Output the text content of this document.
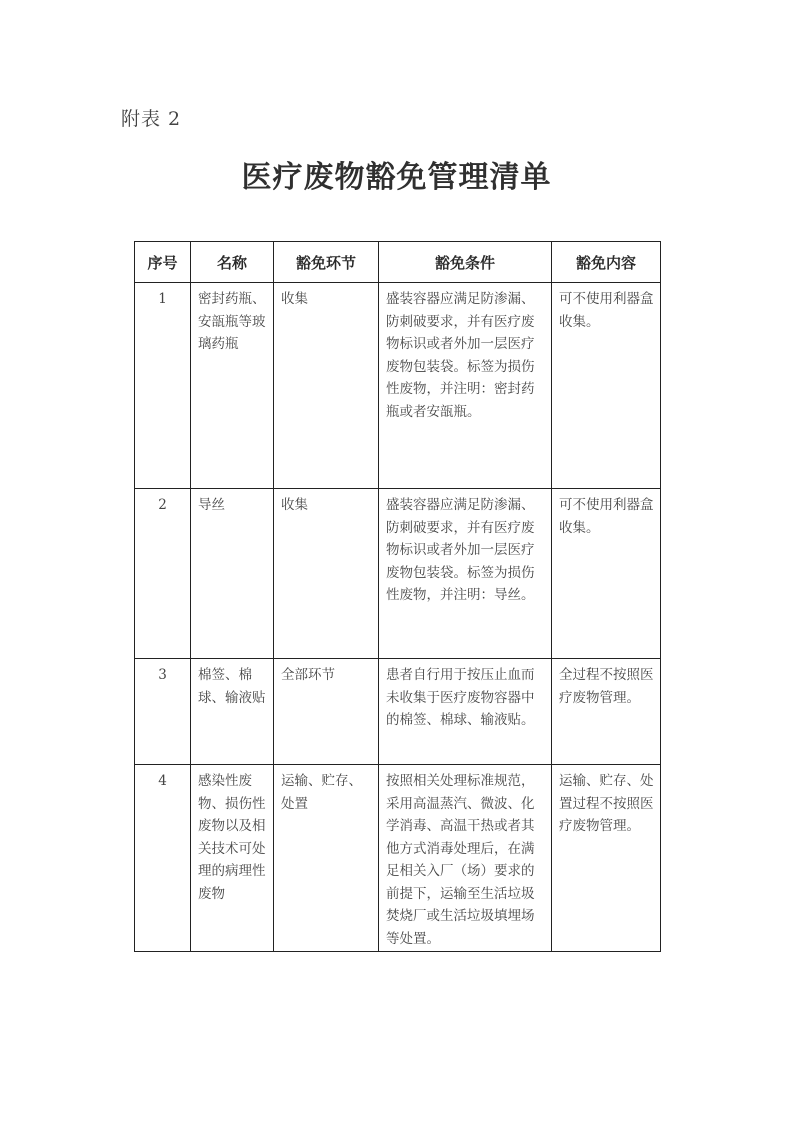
附表 2
医疗废物豁免管理清单
序号	名称	豁免环节	豁免条件	豁免内容
1	密封药瓶、安瓿瓶等玻璃药瓶	收集	盛装容器应满足防渗漏、防刺破要求，并有医疗废物标识或者外加一层医疗废物包装袋。标签为损伤性废物，并注明：密封药瓶或者安瓿瓶。	可不使用利器盒收集。
2	导丝	收集	盛装容器应满足防渗漏、防刺破要求，并有医疗废物标识或者外加一层医疗废物包装袋。标签为损伤性废物，并注明：导丝。	可不使用利器盒收集。
3	棉签、棉球、输液贴	全部环节	患者自行用于按压止血而未收集于医疗废物容器中的棉签、棉球、输液贴。	全过程不按照医疗废物管理。
4	感染性废物、损伤性废物以及相关技术可处理的病理性废物	运输、贮存、处置	按照相关处理标准规范，采用高温蒸汽、微波、化学消毒、高温干热或者其他方式消毒处理后，在满足相关入厂（场）要求的前提下，运输至生活垃圾焚烧厂或生活垃圾填埋场等处置。	运输、贮存、处置过程不按照医疗废物管理。
